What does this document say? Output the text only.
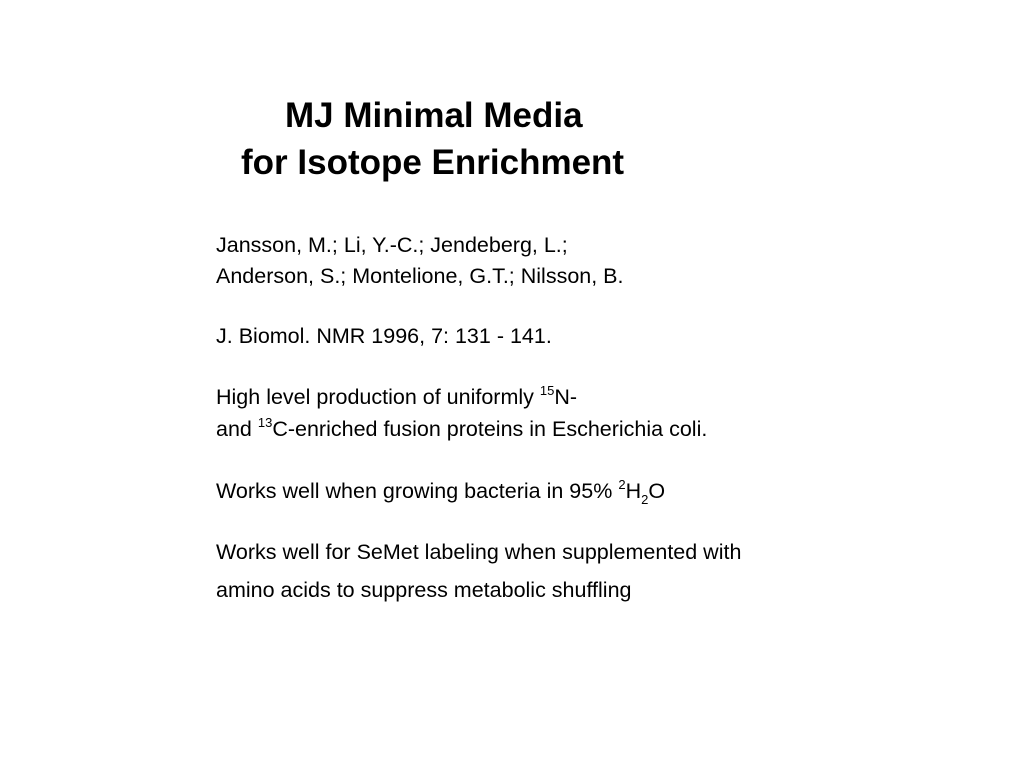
MJ Minimal Media
for Isotope Enrichment
Jansson, M.; Li, Y.-C.; Jendeberg, L.;
Anderson, S.; Montelione, G.T.; Nilsson, B.
J. Biomol. NMR 1996, 7: 131 - 141.
High level production of uniformly $^{15}$N-
and $^{13}$C-enriched fusion proteins in Escherichia coli.
Works well when growing bacteria in 95% $^2H_2O$
Works well for SeMet labeling when supplemented with
amino acids to suppress metabolic shuffling
